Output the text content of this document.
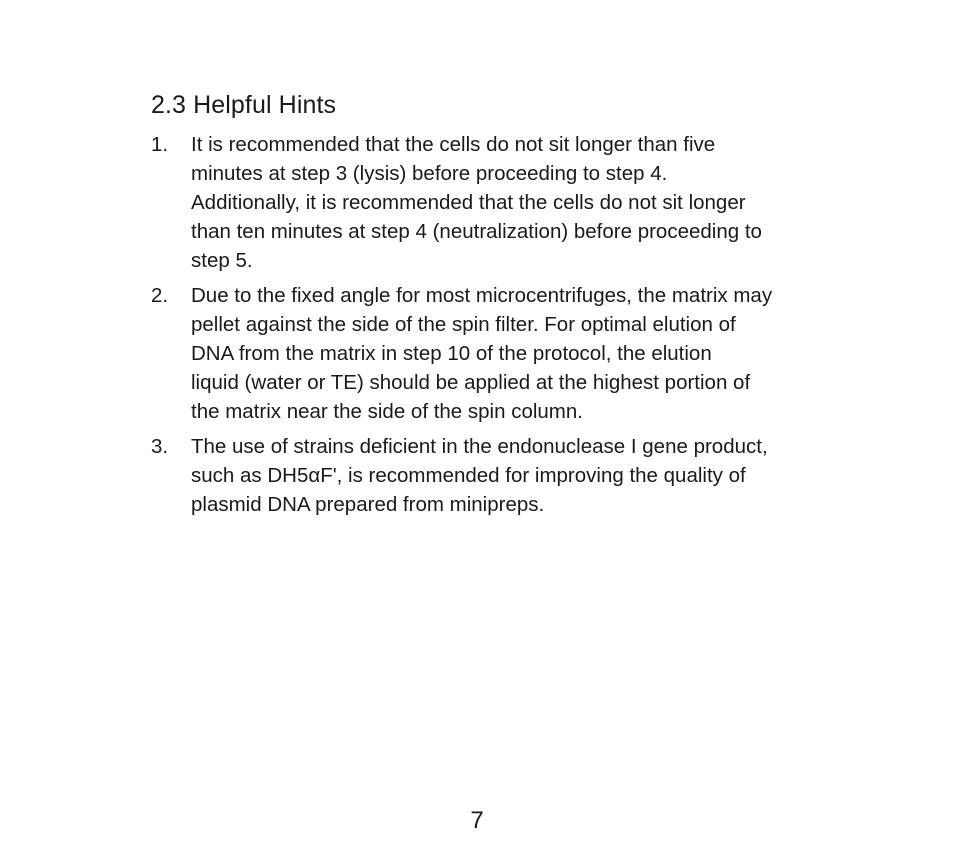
2.3 Helpful Hints
1.	It is recommended that the cells do not sit longer than five
minutes at step 3 (lysis) before proceeding to step 4.
Additionally, it is recommended that the cells do not sit longer
than ten minutes at step 4 (neutralization) before proceeding to
step 5.
2.	Due to the fixed angle for most microcentrifuges, the matrix may
pellet against the side of the spin filter. For optimal elution of
DNA from the matrix in step 10 of the protocol, the elution
liquid (water or TE) should be applied at the highest portion of
the matrix near the side of the spin column.
3.	The use of strains deficient in the endonuclease I gene product,
such as DH5αF', is recommended for improving the quality of
plasmid DNA prepared from minipreps.
7
